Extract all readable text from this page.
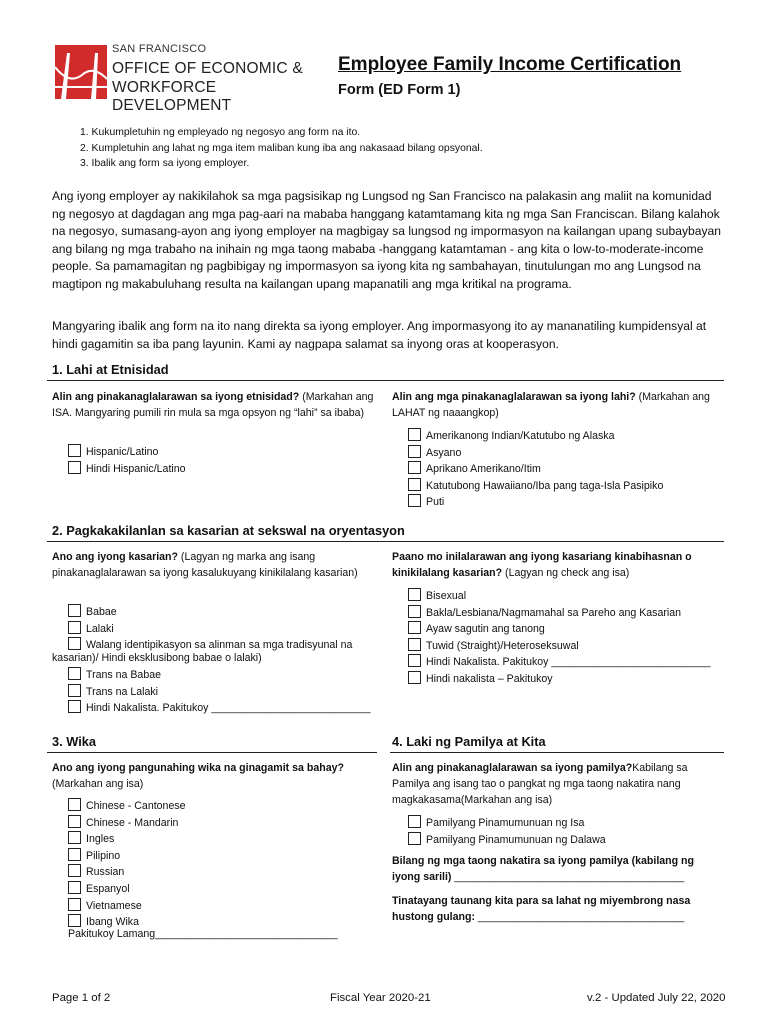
SAN FRANCISCO
OFFICE OF ECONOMIC &
WORKFORCE DEVELOPMENT
Employee Family Income Certification
Form (ED Form 1)
1. Kukumpletuhin ng empleyado ng negosyo ang form na ito.
2. Kumpletuhin ang lahat ng mga item maliban kung iba ang nakasaad bilang opsyonal.
3. Ibalik ang form sa iyong employer.

Ang iyong employer ay nakikilahok sa mga pagsisikap ng Lungsod ng San Francisco na palakasin ang maliit na komunidad ng negosyo at dagdagan ang mga pag-aari na mababa hanggang katamtamang kita ng mga San Franciscan. Bilang kalahok na negosyo, sumasang-ayon ang iyong employer na magbigay sa lungsod ng impormasyon na kailangan upang subaybayan ang bilang ng mga trabaho na inihain ng mga taong mababa -hanggang katamtaman - ang kita o low-to-moderate-income people. Sa pamamagitan ng pagbibigay ng impormasyon sa iyong kita ng sambahayan, tinutulungan mo ang Lungsod na magtipon ng makabuluhang resulta na kailangan upang mapanatili ang mga kritikal na programa.

Mangyaring ibalik ang form na ito nang direkta sa iyong employer. Ang impormasyong ito ay mananatiling kumpidensyal at hindi gagamitin sa iba pang layunin. Kami ay nagpapa salamat sa inyong oras at kooperasyon.

1. Lahi at Etnisidad
Alin ang pinakanaglalarawan sa iyong etnisidad? (Markahan ang ISA. Mangyaring pumili rin mula sa mga opsyon ng “lahi” sa ibaba)
Hispanic/Latino
Hindi Hispanic/Latino
Alin ang mga pinakanaglalarawan sa iyong lahi? (Markahan ang LAHAT ng naaangkop)
Amerikanong Indian/Katutubo ng Alaska
Asyano
Aprikano Amerikano/Itim
Katutubong Hawaiiano/Iba pang taga-Isla Pasipiko
Puti
2. Pagkakakilanlan sa kasarian at sekswal na oryentasyon
Ano ang iyong kasarian? (Lagyan ng marka ang isang pinakanaglalarawan sa iyong kasalukuyang kinikilalang kasarian)
Babae
Lalaki
Walang identipikasyon sa alinman sa mga tradisyunal na
kasarian)/ Hindi eksklusibong babae o lalaki)
Trans na Babae
Trans na Lalaki
Hindi Nakalista. Pakitukoy ___________________________
Paano mo inilalarawan ang iyong kasariang kinabihasnan o kinikilalang kasarian? (Lagyan ng check ang isa)
Bisexual
Bakla/Lesbiana/Nagmamahal sa Pareho ang Kasarian
Ayaw sagutin ang tanong
Tuwid (Straight)/Heteroseksuwal
Hindi Nakalista. Pakitukoy ___________________________
Hindi nakalista – Pakitukoy
3. Wika
Ano ang iyong pangunahing wika na ginagamit sa bahay?
(Markahan ang isa)
Chinese - Cantonese
Chinese - Mandarin
Ingles
Pilipino
Russian
Espanyol
Vietnamese
Ibang Wika
Pakitukoy Lamang_______________________________
4. Laki ng Pamilya at Kita
Alin ang pinakanaglalarawan sa iyong pamilya?Kabilang sa Pamilya ang isang tao o pangkat ng mga taong nakatira nang magkakasama(Markahan ang isa)
Pamilyang Pinamumunuan ng Isa
Pamilyang Pinamumunuan ng Dalawa
Bilang ng mga taong nakatira sa iyong pamilya (kabilang ng iyong sarili) _______________________________________
Tinatayang taunang kita para sa lahat ng miyembrong nasa hustong gulang: ___________________________________
Page 1 of 2	Fiscal Year 2020-21	v.2 - Updated July 22, 2020
